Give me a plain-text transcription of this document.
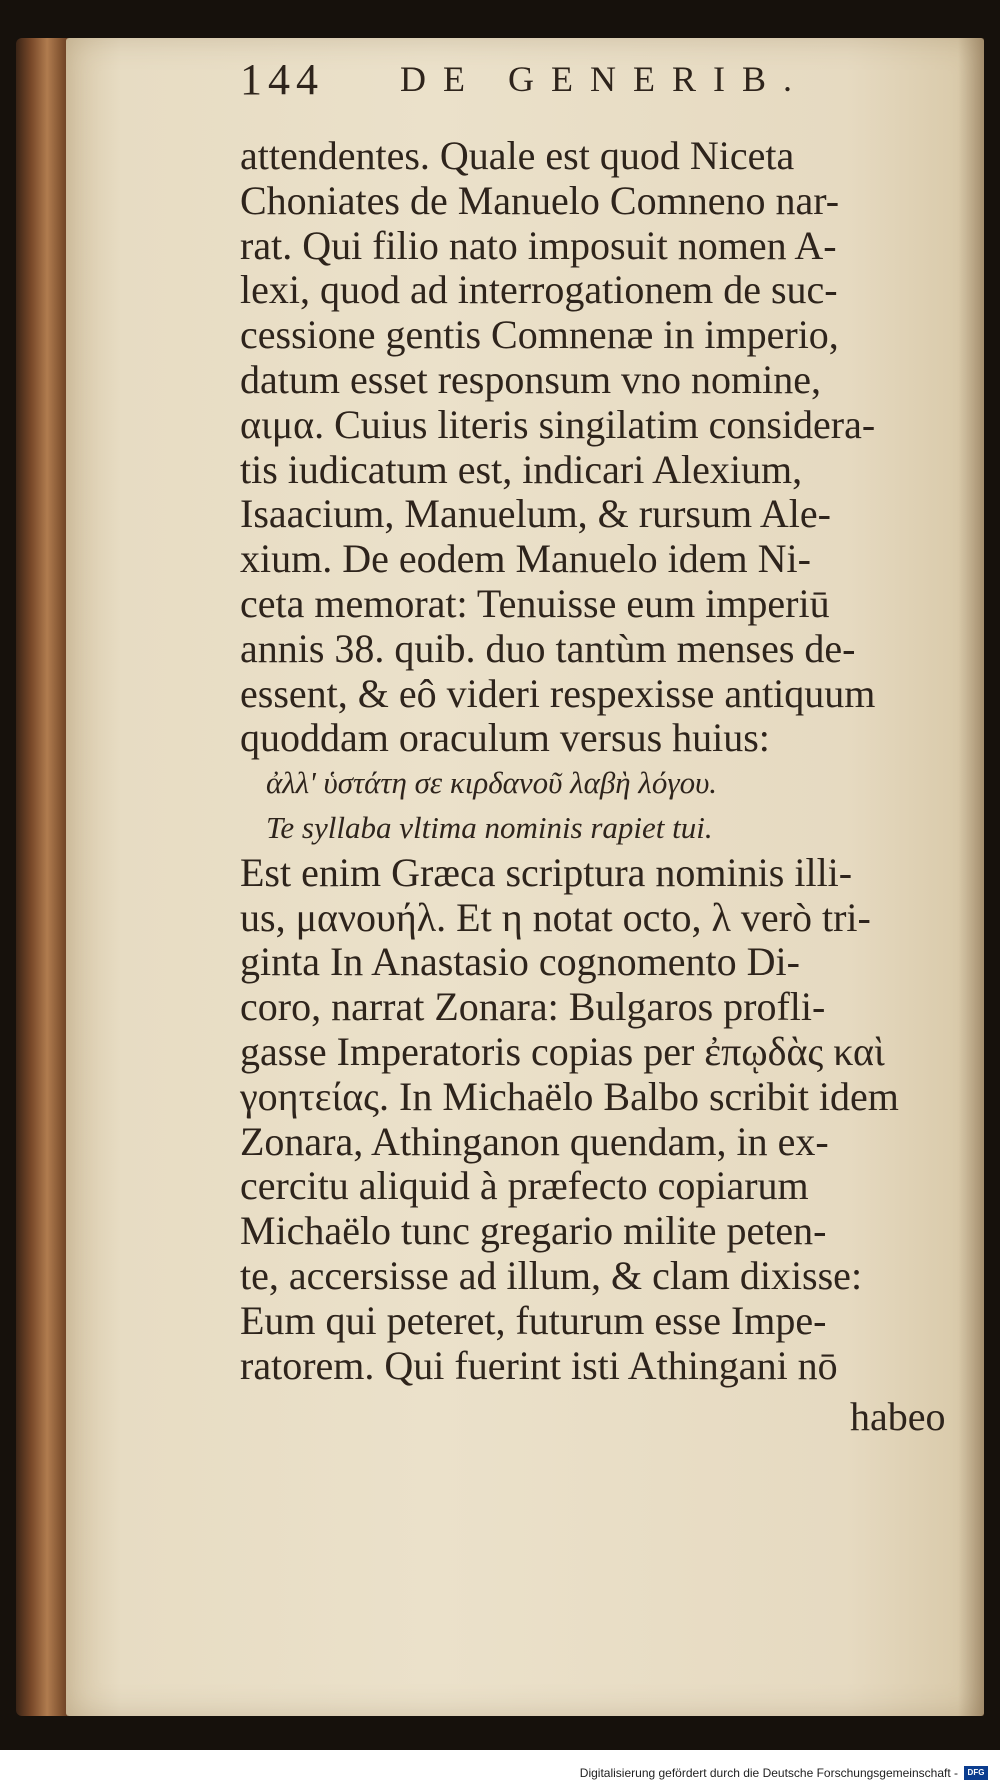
144 DE GENERIB.
attendentes. Quale est quod Niceta
Choniates de Manuelo Comneno nar-
rat. Qui filio nato imposuit nomen A-
lexi, quod ad interrogationem de suc-
cessione gentis Comnenæ in imperio,
datum esset responsum vno nomine,
αιμα. Cuius literis singilatim considera-
tis iudicatum est, indicari Alexium,
Isaacium, Manuelum, & rursum Ale-
xium. De eodem Manuelo idem Ni-
ceta memorat: Tenuisse eum imperiū
annis 38. quib. duo tantùm menses de-
essent, & eô videri respexisse antiquum
quoddam oraculum versus huius:
ἀλλ' ὑστάτη σε κιρδανοῦ λαβὴ λόγου.
Te syllaba vltima nominis rapiet tui.
Est enim Græca scriptura nominis illi-
us, μανουήλ. Et η notat octo, λ verò tri-
ginta In Anastasio cognomento Di-
coro, narrat Zonara: Bulgaros profli-
gasse Imperatoris copias per ἐπῳδὰς καὶ
γοητείας. In Michaëlo Balbo scribit idem
Zonara, Athinganon quendam, in ex-
cercitu aliquid à præfecto copiarum
Michaëlo tunc gregario milite peten-
te, accersisse ad illum, & clam dixisse:
Eum qui peteret, futurum esse Impe-
ratorem. Qui fuerint isti Athingani nō
habeo
Digitalisierung gefördert durch die Deutsche Forschungsgemeinschaft -	DFG
